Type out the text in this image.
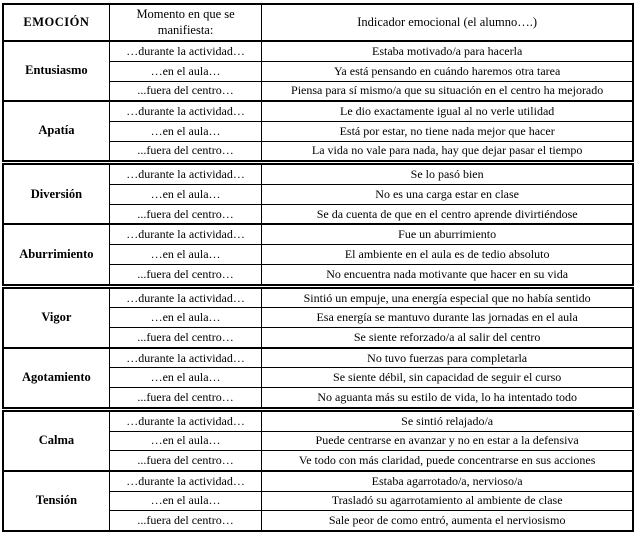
EMOCIÓN	Momento en que se manifiesta:	Indicador emocional (el alumno….)
Entusiasmo	…durante la actividad…	Estaba motivado/a para hacerla
	…en el aula…	Ya está pensando en cuándo haremos otra tarea
	...fuera del centro…	Piensa para sí mismo/a que su situación en el centro ha mejorado
Apatía	…durante la actividad…	Le dio exactamente igual al no verle utilidad
	…en el aula…	Está por estar, no tiene nada mejor que hacer
	...fuera del centro…	La vida no vale para nada, hay que dejar pasar el tiempo
Diversión	…durante la actividad…	Se lo pasó bien
	…en el aula…	No es una carga estar en clase
	...fuera del centro…	Se da cuenta de que en el centro aprende divirtiéndose
Aburrimiento	…durante la actividad…	Fue un aburrimiento
	…en el aula…	El ambiente en el aula es de tedio absoluto
	...fuera del centro…	No encuentra nada motivante que hacer en su vida
Vigor	…durante la actividad…	Sintió un empuje, una energía especial que no había sentido
	…en el aula…	Esa energía se mantuvo durante las jornadas en el aula
	...fuera del centro…	Se siente reforzado/a al salir del centro
Agotamiento	…durante la actividad…	No tuvo fuerzas para completarla
	…en el aula…	Se siente débil, sin capacidad de seguir el curso
	...fuera del centro…	No aguanta más su estilo de vida, lo ha intentado todo
Calma	…durante la actividad…	Se sintió relajado/a
	…en el aula…	Puede centrarse en avanzar y no en estar a la defensiva
	...fuera del centro…	Ve todo con más claridad, puede concentrarse en sus acciones
Tensión	…durante la actividad…	Estaba agarrotado/a, nervioso/a
	…en el aula…	Trasladó su agarrotamiento al ambiente de clase
	...fuera del centro…	Sale peor de como entró, aumenta el nerviosismo
